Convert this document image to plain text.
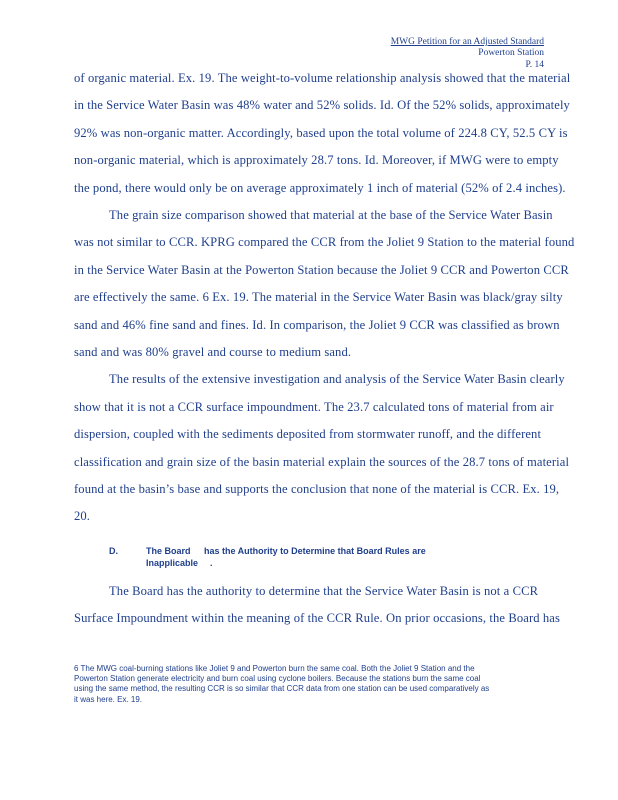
MWG Petition for an Adjusted Standard
Powerton Station
P. 14
of organic material. Ex. 19. The weight-to-volume relationship analysis showed that the material
in the Service Water Basin was 48% water and 52% solids. Id. Of the 52% solids, approximately
92% was non-organic matter. Accordingly, based upon the total volume of 224.8 CY, 52.5 CY is
non-organic material, which is approximately 28.7 tons. Id. Moreover, if MWG were to empty
the pond, there would only be on average approximately 1 inch of material (52% of 2.4 inches).
The grain size comparison showed that material at the base of the Service Water Basin
was not similar to CCR. KPRG compared the CCR from the Joliet 9 Station to the material found
in the Service Water Basin at the Powerton Station because the Joliet 9 CCR and Powerton CCR
are effectively the same. 6 Ex. 19. The material in the Service Water Basin was black/gray silty
sand and 46% fine sand and fines. Id. In comparison, the Joliet 9 CCR was classified as brown
sand and was 80% gravel and course to medium sand.
The results of the extensive investigation and analysis of the Service Water Basin clearly
show that it is not a CCR surface impoundment. The 23.7 calculated tons of material from air
dispersion, coupled with the sediments deposited from stormwater runoff, and the different
classification and grain size of the basin material explain the sources of the 28.7 tons of material
found at the basin’s base and supports the conclusion that none of the material is CCR. Ex. 19,
20.
D.	The Board has the Authority to Determine that Board Rules are
Inapplicable .
The Board has the authority to determine that the Service Water Basin is not a CCR
Surface Impoundment within the meaning of the CCR Rule. On prior occasions, the Board has
6 The MWG coal-burning stations like Joliet 9 and Powerton burn the same coal. Both the Joliet 9 Station and the
Powerton Station generate electricity and burn coal using cyclone boilers. Because the stations burn the same coal
using the same method, the resulting CCR is so similar that CCR data from one station can be used comparatively as
it was here. Ex. 19.
